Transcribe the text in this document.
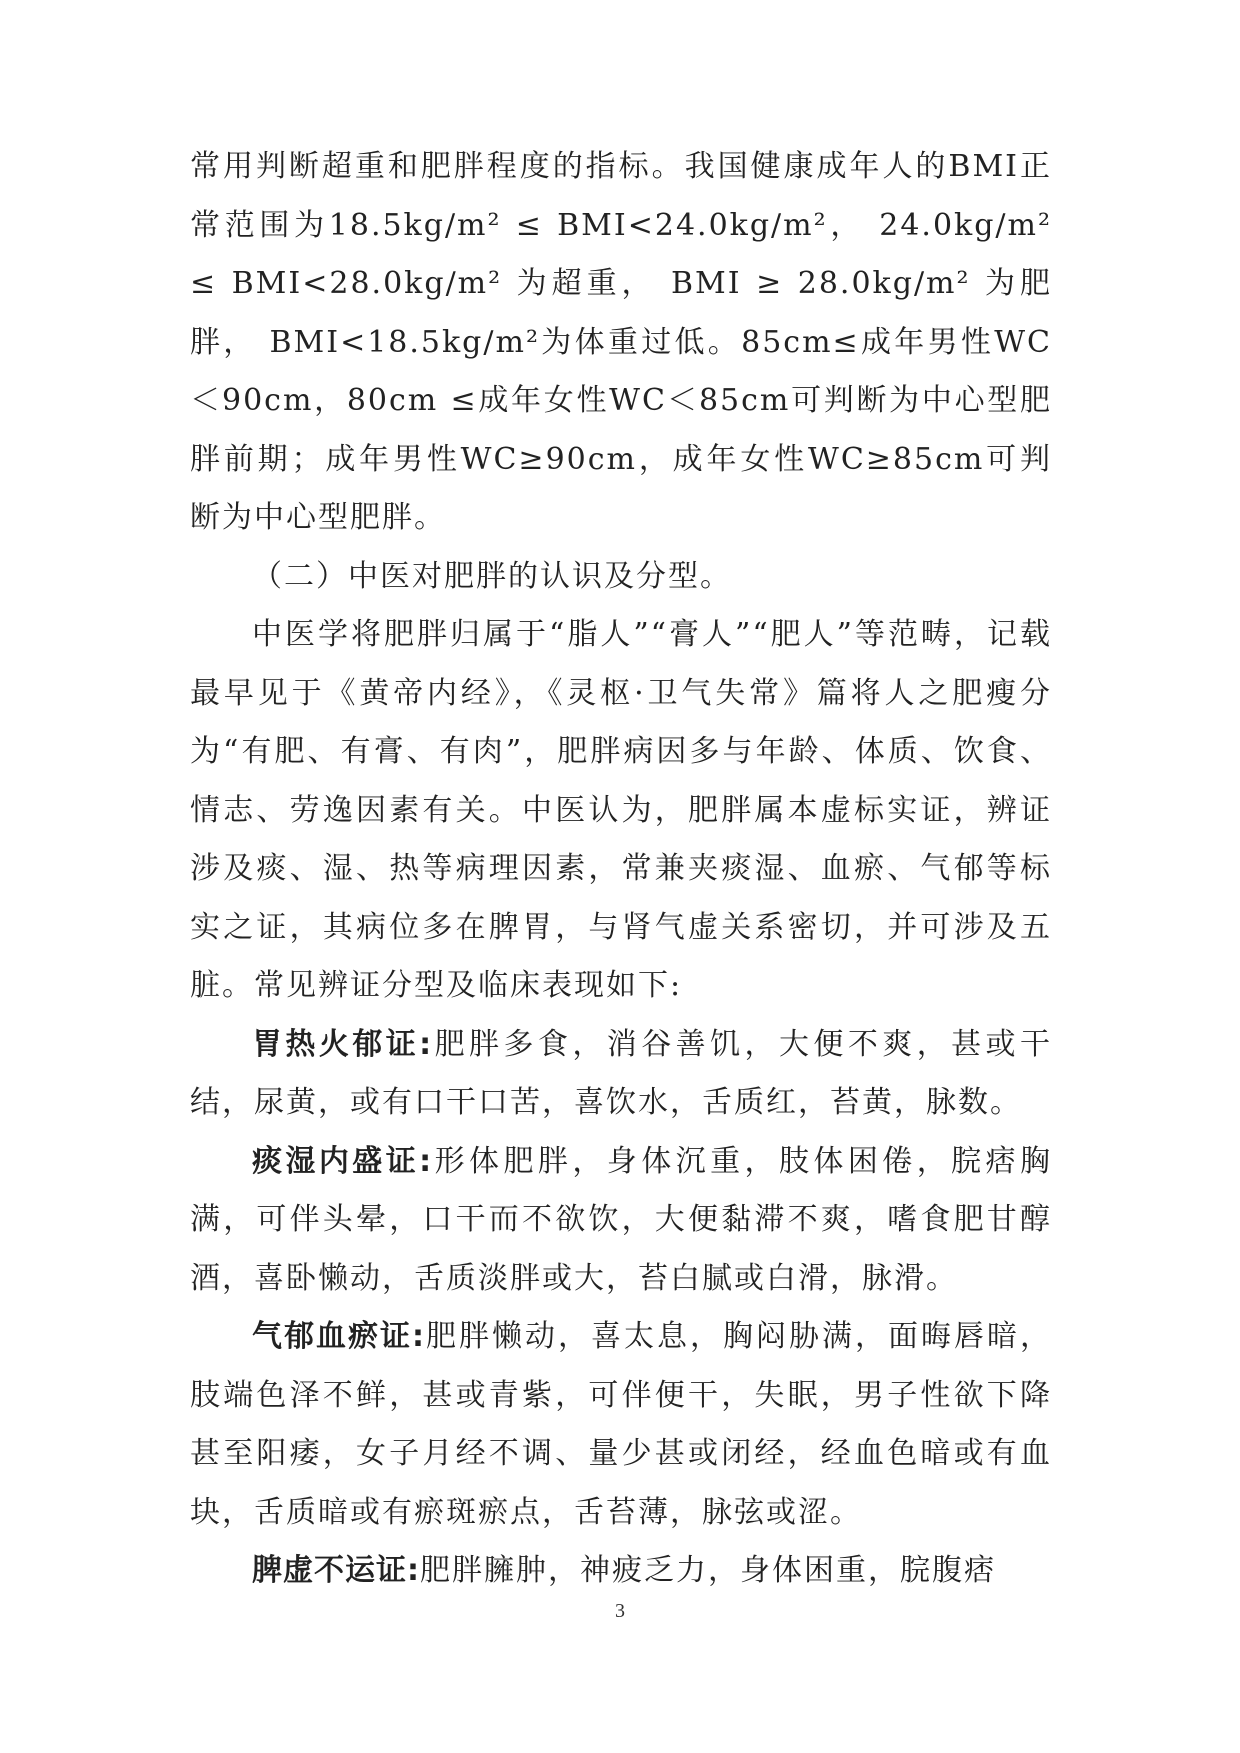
常用判断超重和肥胖程度的指标。我国健康成年人的BMI正常范围为18.5kg/m² ≤ BMI<24.0kg/m²， 24.0kg/m² ≤ BMI<28.0kg/m² 为超重， BMI ≥ 28.0kg/m² 为肥胖， BMI<18.5kg/m²为体重过低。85cm≤成年男性WC＜90cm，80cm ≤成年女性WC＜85cm可判断为中心型肥胖前期；成年男性WC≥90cm，成年女性WC≥85cm可判断为中心型肥胖。

（二）中医对肥胖的认识及分型。

中医学将肥胖归属于“脂人”“膏人”“肥人”等范畴，记载最早见于《黄帝内经》，《灵枢·卫气失常》篇将人之肥瘦分为“有肥、有膏、有肉”，肥胖病因多与年龄、体质、饮食、情志、劳逸因素有关。中医认为，肥胖属本虚标实证，辨证涉及痰、湿、热等病理因素，常兼夹痰湿、血瘀、气郁等标实之证，其病位多在脾胃，与肾气虚关系密切，并可涉及五脏。常见辨证分型及临床表现如下:

胃热火郁证:肥胖多食，消谷善饥，大便不爽，甚或干结，尿黄，或有口干口苦，喜饮水，舌质红，苔黄，脉数。

痰湿内盛证:形体肥胖，身体沉重，肢体困倦，脘痞胸满，可伴头晕，口干而不欲饮，大便黏滞不爽，嗜食肥甘醇酒，喜卧懒动，舌质淡胖或大，苔白腻或白滑，脉滑。

气郁血瘀证:肥胖懒动，喜太息，胸闷胁满，面晦唇暗，肢端色泽不鲜，甚或青紫，可伴便干，失眠，男子性欲下降甚至阳痿，女子月经不调、量少甚或闭经，经血色暗或有血块，舌质暗或有瘀斑瘀点，舌苔薄，脉弦或涩。

脾虚不运证:肥胖臃肿，神疲乏力，身体困重，脘腹痞

3
